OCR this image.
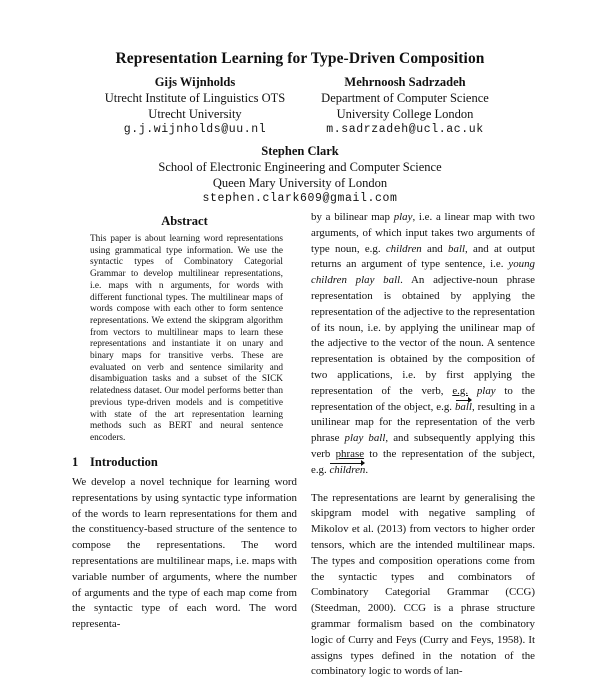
Representation Learning for Type-Driven Composition
Gijs Wijnholds
Utrecht Institute of Linguistics OTS
Utrecht University
g.j.wijnholds@uu.nl
Mehrnoosh Sadrzadeh
Department of Computer Science
University College London
m.sadrzadeh@ucl.ac.uk
Stephen Clark
School of Electronic Engineering and Computer Science
Queen Mary University of London
stephen.clark609@gmail.com
Abstract
This paper is about learning word representations using grammatical type information. We use the syntactic types of Combinatory Categorial Grammar to develop multilinear representations, i.e. maps with n arguments, for words with different functional types. The multilinear maps of words compose with each other to form sentence representations. We extend the skipgram algorithm from vectors to multilinear maps to learn these representations and instantiate it on unary and binary maps for transitive verbs. These are evaluated on verb and sentence similarity and disambiguation tasks and a subset of the SICK relatedness dataset. Our model performs better than previous type-driven models and is competitive with state of the art representation learning methods such as BERT and neural sentence encoders.
1 Introduction
We develop a novel technique for learning word representations by using syntactic type information of the words to learn representations for them and the constituency-based structure of the sentence to compose the representations. The word representations are multilinear maps, i.e. maps with variable number of arguments, where the number of arguments and the type of each map come from the syntactic type of each word. The word representa-

by a bilinear map play, i.e. a linear map with two arguments, of which input takes two arguments of type noun, e.g. children and ball, and at output returns an argument of type sentence, i.e. young children play ball. An adjective-noun phrase representation is obtained by applying the representation of the adjective to the representation of its noun, i.e. by applying the unilinear map of the adjective to the vector of the noun. A sentence representation is obtained by the composition of two applications, i.e. by first applying the representation of the verb, e.g. play to the representation of the object, e.g. ball, resulting in a unilinear map for the representation of the verb phrase play ball, and subsequently applying this verb phrase to the representation of the subject, e.g. children.

The representations are learnt by generalising the skipgram model with negative sampling of Mikolov et al. (2013) from vectors to higher order tensors, which are the intended multilinear maps. The types and composition operations come from the syntactic types and combinators of Combinatory Categorial Grammar (CCG) (Steedman, 2000). CCG is a phrase structure grammar formalism based on the combinatory logic of Curry and Feys (Curry and Feys, 1958). It assigns types defined in the notation of the combinatory logic to words of lan-
